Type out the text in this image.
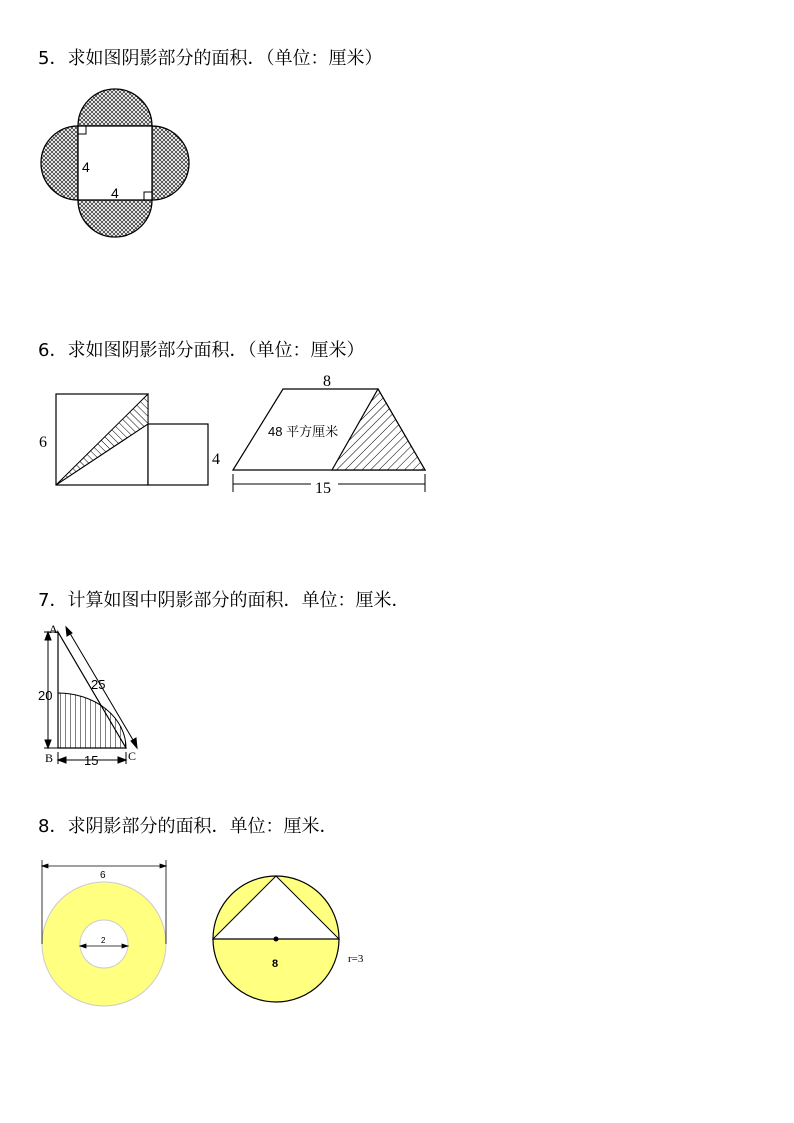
5．求如图阴影部分的面积．（单位：厘米）
4
4
6．求如图阴影部分面积．（单位：厘米）
6
4
8
48 平方厘米
15
7．计算如图中阴影部分的面积．单位：厘米．
A
B	C
20
25
15
8．求阴影部分的面积．单位：厘米．
6
2
8	r=3
